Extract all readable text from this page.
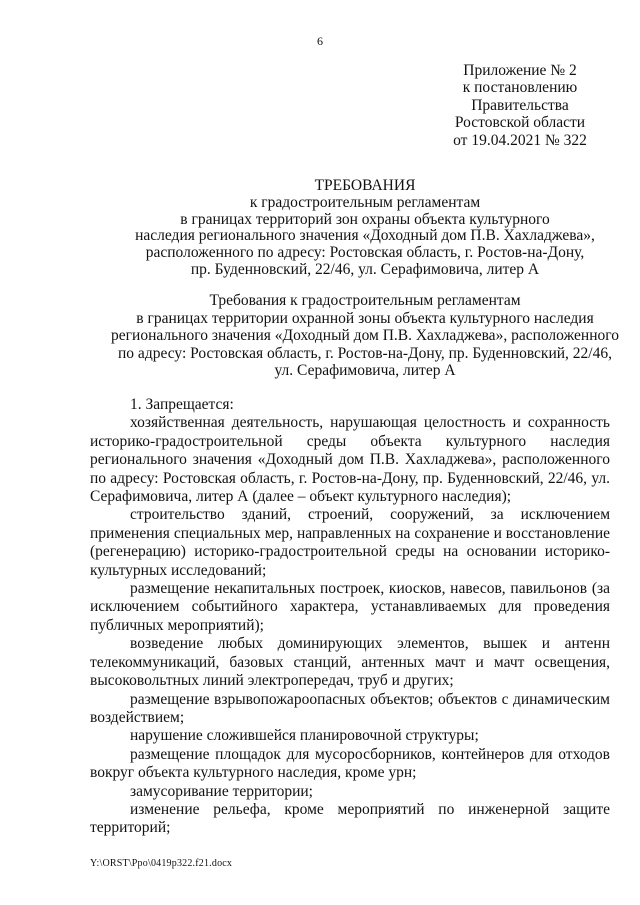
6
Приложение № 2
к постановлению
Правительства
Ростовской области
от 19.04.2021 № 322
ТРЕБОВАНИЯ
к градостроительным регламентам
в границах территорий зон охраны объекта культурного
наследия регионального значения «Доходный дом П.В. Хахладжева»,
расположенного по адресу: Ростовская область, г. Ростов-на-Дону,
пр. Буденновский, 22/46, ул. Серафимовича, литер А
Требования к градостроительным регламентам
в границах территории охранной зоны объекта культурного наследия
регионального значения «Доходный дом П.В. Хахладжева», расположенного
по адресу: Ростовская область, г. Ростов-на-Дону, пр. Буденновский, 22/46,
ул. Серафимовича, литер А
1. Запрещается:
хозяйственная деятельность, нарушающая целостность и сохранность историко-градостроительной среды объекта культурного наследия регионального значения «Доходный дом П.В. Хахладжева», расположенного по адресу: Ростовская область, г. Ростов-на-Дону, пр. Буденновский, 22/46, ул. Серафимовича, литер А (далее – объект культурного наследия);
строительство зданий, строений, сооружений, за исключением применения специальных мер, направленных на сохранение и восстановление (регенерацию) историко-градостроительной среды на основании историко-культурных исследований;
размещение некапитальных построек, киосков, навесов, павильонов (за исключением событийного характера, устанавливаемых для проведения публичных мероприятий);
возведение любых доминирующих элементов, вышек и антенн телекоммуникаций, базовых станций, антенных мачт и мачт освещения, высоковольтных линий электропередач, труб и других;
размещение взрывопожароопасных объектов; объектов с динамическим воздействием;
нарушение сложившейся планировочной структуры;
размещение площадок для мусоросборников, контейнеров для отходов вокруг объекта культурного наследия, кроме урн;
замусоривание территории;
изменение рельефа, кроме мероприятий по инженерной защите территорий;
Y:\ORST\Ppo\0419p322.f21.docx
